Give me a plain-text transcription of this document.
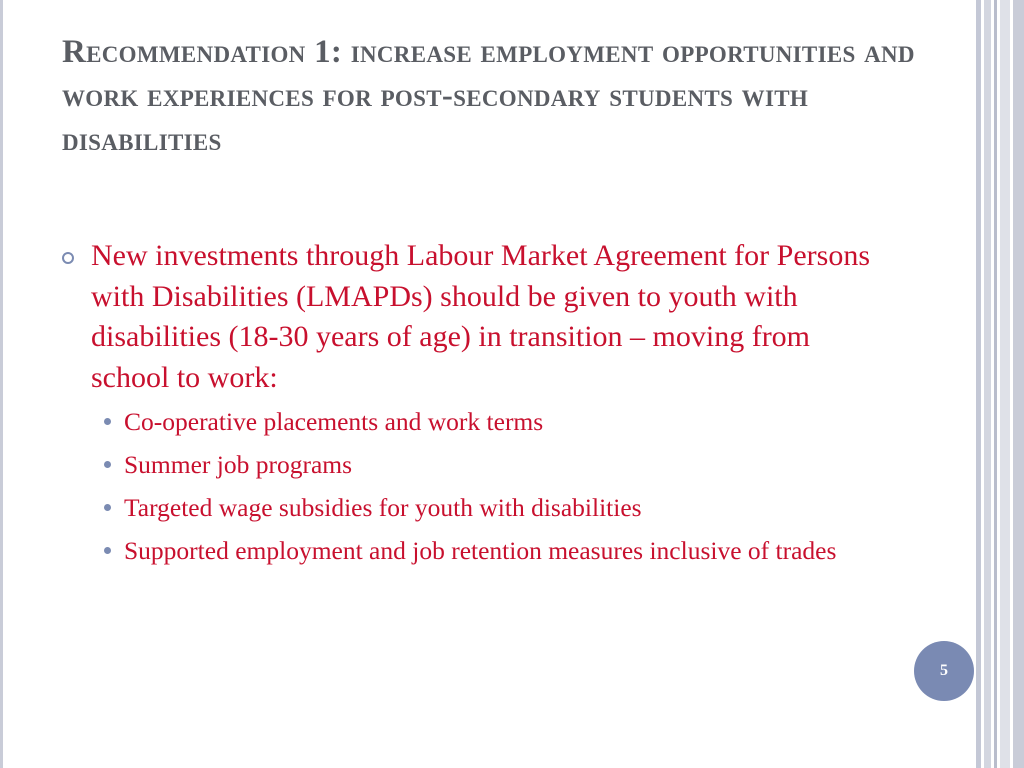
Recommendation 1: increase employment opportunities and work experiences for post-secondary students with disabilities
New investments through Labour Market Agreement for Persons with Disabilities (LMAPDs) should be given to youth with disabilities (18-30 years of age) in transition – moving from school to work:
Co-operative placements and work terms
Summer job programs
Targeted wage subsidies for youth with disabilities
Supported employment and job retention measures inclusive of trades
5
